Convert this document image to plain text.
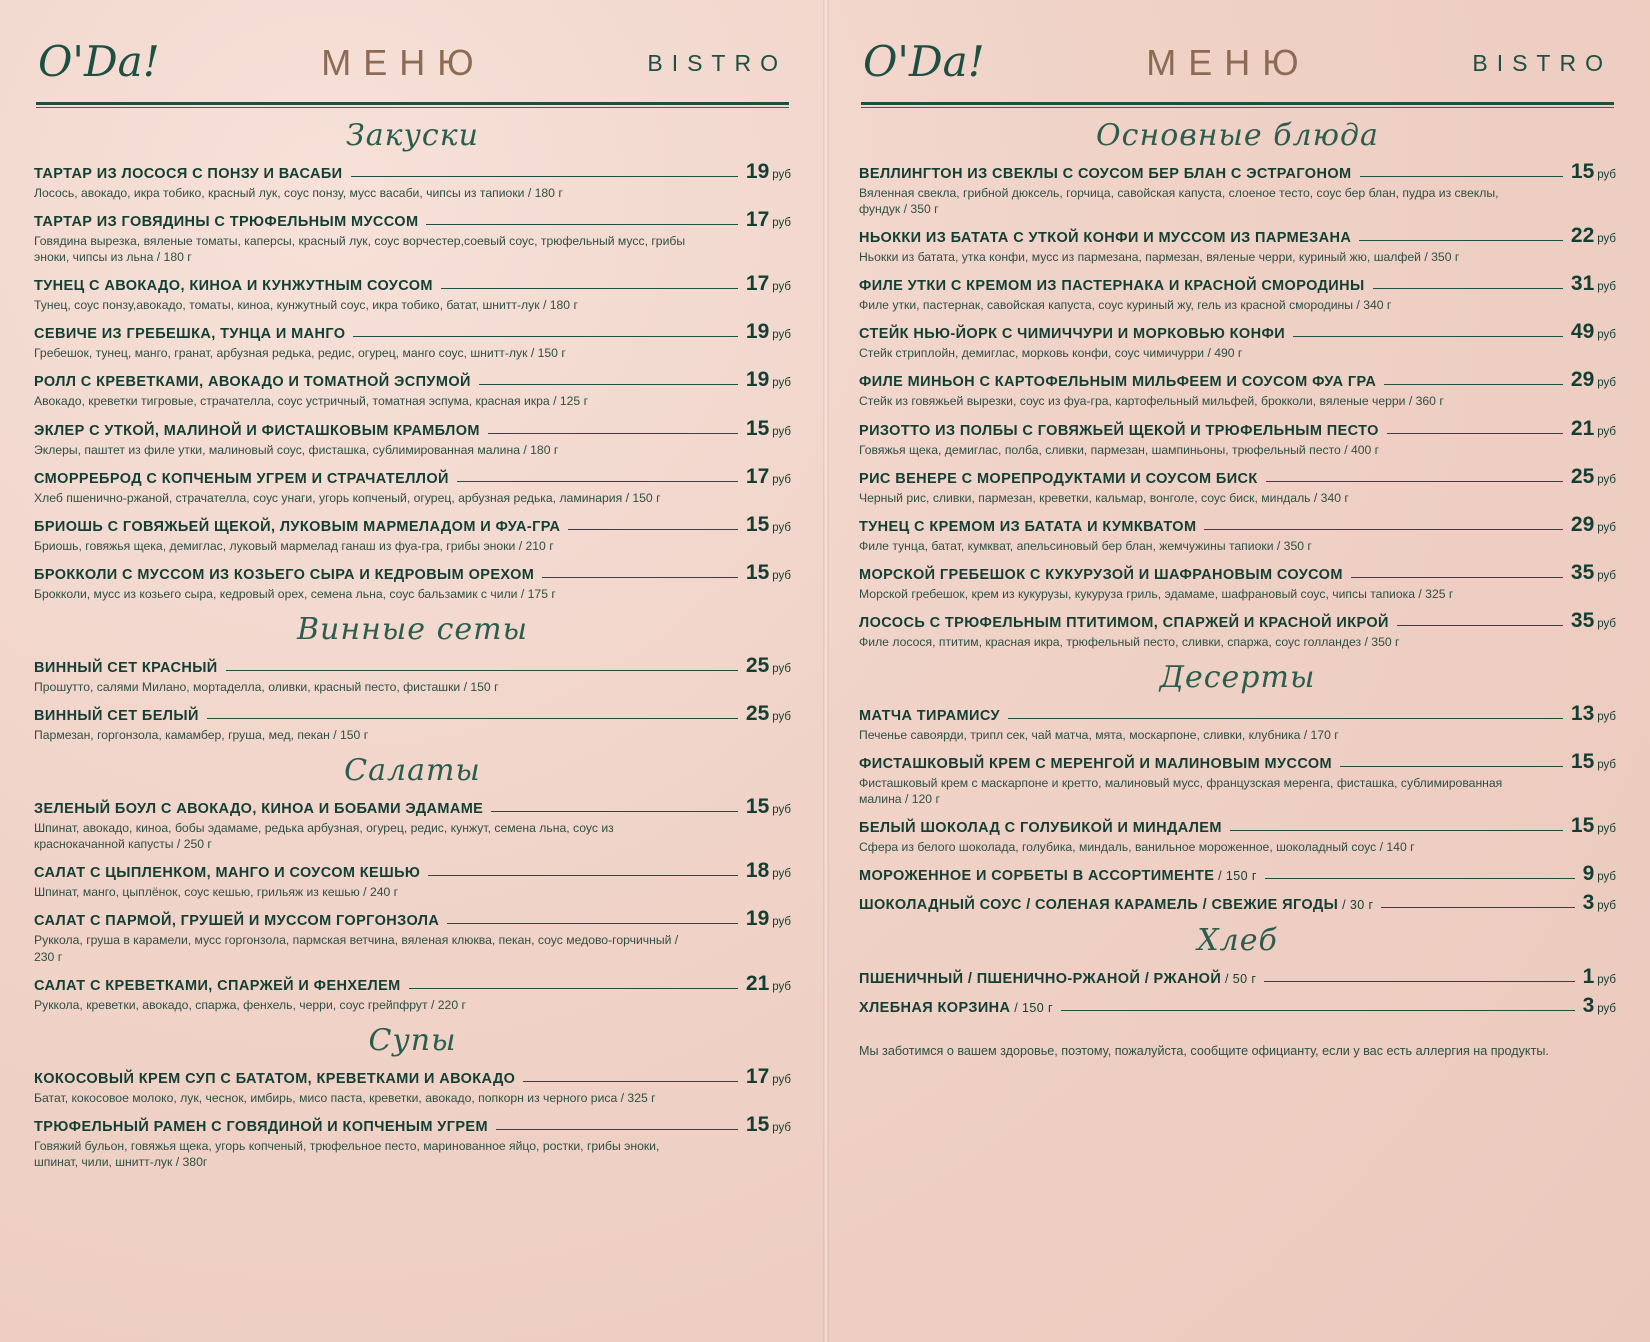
O'Da!	МЕНЮ	BISTRO
Закуски
ТАРТАР ИЗ ЛОСОСЯ С ПОНЗУ И ВАСАБИ	19 руб
Лосось, авокадо, икра тобико, красный лук, соус понзу, мусс васаби, чипсы из тапиоки / 180 г
ТАРТАР ИЗ ГОВЯДИНЫ С ТРЮФЕЛЬНЫМ МУССОМ	17 руб
Говядина вырезка, вяленые томаты, каперсы, красный лук, соус ворчестер,соевый соус, трюфельный мусс, грибы эноки, чипсы из льна / 180 г
ТУНЕЦ С АВОКАДО, КИНОА И КУНЖУТНЫМ СОУСОМ	17 руб
Тунец, соус понзу,авокадо, томаты, киноа, кунжутный соус, икра тобико, батат, шнитт-лук / 180 г
СЕВИЧЕ ИЗ ГРЕБЕШКА, ТУНЦА И МАНГО	19 руб
Гребешок, тунец, манго, гранат, арбузная редька, редис, огурец, манго соус, шнитт-лук / 150 г
РОЛЛ С КРЕВЕТКАМИ, АВОКАДО И ТОМАТНОЙ ЭСПУМОЙ	19 руб
Авокадо, креветки тигровые, страчателла, соус устричный, томатная эспума, красная икра / 125 г
ЭКЛЕР С УТКОЙ, МАЛИНОЙ И ФИСТАШКОВЫМ КРАМБЛОМ	15 руб
Эклеры, паштет из филе утки, малиновый соус, фисташка, сублимированная малина / 180 г
СМОРРЕБРОД С КОПЧЕНЫМ УГРЕМ И СТРАЧАТЕЛЛОЙ	17 руб
Хлеб пшенично-ржаной, страчателла, соус унаги, угорь копченый, огурец, арбузная редька, ламинария / 150 г
БРИОШЬ С ГОВЯЖЬЕЙ ЩЕКОЙ, ЛУКОВЫМ МАРМЕЛАДОМ И ФУА-ГРА	15 руб
Бриошь, говяжья щека, демиглас, луковый мармелад ганаш из фуа-гра, грибы эноки / 210 г
БРОККОЛИ С МУССОМ ИЗ КОЗЬЕГО СЫРА И КЕДРОВЫМ ОРЕХОМ	15 руб
Брокколи, мусс из козьего сыра, кедровый орех, семена льна, соус бальзамик с чили / 175 г
Винные сеты
ВИННЫЙ СЕТ КРАСНЫЙ	25 руб
Прошутто, салями Милано, мортаделла, оливки, красный песто, фисташки / 150 г
ВИННЫЙ СЕТ БЕЛЫЙ	25 руб
Пармезан, горгонзола, камамбер, груша, мед, пекан / 150 г
Салаты
ЗЕЛЕНЫЙ БОУЛ С АВОКАДО, КИНОА И БОБАМИ ЭДАМАМЕ	15 руб
Шпинат, авокадо, киноа, бобы эдамаме, редька арбузная, огурец, редис, кунжут, семена льна, соус из краснокачанной капусты / 250 г
САЛАТ С ЦЫПЛЕНКОМ, МАНГО И СОУСОМ КЕШЬЮ	18 руб
Шпинат, манго, цыплёнок, соус кешью, грильяж из кешью / 240 г
САЛАТ С ПАРМОЙ, ГРУШЕЙ И МУССОМ ГОРГОНЗОЛА	19 руб
Руккола, груша в карамели, мусс горгонзола, пармская ветчина, вяленая клюква, пекан, соус медово-горчичный / 230 г
САЛАТ С КРЕВЕТКАМИ, СПАРЖЕЙ И ФЕНХЕЛЕМ	21 руб
Руккола, креветки, авокадо, спаржа, фенхель, черри, соус грейпфрут / 220 г
Супы
КОКОСОВЫЙ КРЕМ СУП С БАТАТОМ, КРЕВЕТКАМИ И АВОКАДО	17 руб
Батат, кокосовое молоко, лук, чеснок, имбирь, мисо паста, креветки, авокадо, попкорн из черного риса / 325 г
ТРЮФЕЛЬНЫЙ РАМЕН С ГОВЯДИНОЙ И КОПЧЕНЫМ УГРЕМ	15 руб
Говяжий бульон, говяжья щека, угорь копченый, трюфельное песто, маринованное яйцо, ростки, грибы эноки, шпинат, чили, шнитт-лук / 380г
O'Da!	МЕНЮ	BISTRO
Основные блюда
ВЕЛЛИНГТОН ИЗ СВЕКЛЫ С СОУСОМ БЕР БЛАН С ЭСТРАГОНОМ	15 руб
Вяленная свекла, грибной дюксель, горчица, савойская капуста, слоеное тесто, соус бер блан, пудра из свеклы, фундук / 350 г
НЬОККИ ИЗ БАТАТА С УТКОЙ КОНФИ И МУССОМ ИЗ ПАРМЕЗАНА	22 руб
Ньокки из батата, утка конфи, мусс из пармезана, пармезан, вяленые черри, куриный жю, шалфей / 350 г
ФИЛЕ УТКИ С КРЕМОМ ИЗ ПАСТЕРНАКА И КРАСНОЙ СМОРОДИНЫ	31 руб
Филе утки, пастернак, савойская капуста, соус куриный жу, гель из красной смородины / 340 г
СТЕЙК НЬЮ-ЙОРК С ЧИМИЧЧУРИ И МОРКОВЬЮ КОНФИ	49 руб
Стейк стриплойн, демиглас, морковь конфи, соус чимичурри / 490 г
ФИЛЕ МИНЬОН С КАРТОФЕЛЬНЫМ МИЛЬФЕЕМ И СОУСОМ ФУА ГРА	29 руб
Стейк из говяжьей вырезки, соус из фуа-гра, картофельный мильфей, брокколи, вяленые черри / 360 г
РИЗОТТО ИЗ ПОЛБЫ С ГОВЯЖЬЕЙ ЩЕКОЙ И ТРЮФЕЛЬНЫМ ПЕСТО	21 руб
Говяжья щека, демиглас, полба, сливки, пармезан, шампиньоны, трюфельный песто / 400 г
РИС ВЕНЕРЕ С МОРЕПРОДУКТАМИ И СОУСОМ БИСК	25 руб
Черный рис, сливки, пармезан, креветки, кальмар, вонголе, соус биск, миндаль / 340 г
ТУНЕЦ С КРЕМОМ ИЗ БАТАТА И КУМКВАТОМ	29 руб
Филе тунца, батат, кумкват, апельсиновый бер блан, жемчужины тапиоки / 350 г
МОРСКОЙ ГРЕБЕШОК С КУКУРУЗОЙ И ШАФРАНОВЫМ СОУСОМ	35 руб
Морской гребешок, крем из кукурузы, кукуруза гриль, эдамаме, шафрановый соус, чипсы тапиока / 325 г
ЛОСОСЬ С ТРЮФЕЛЬНЫМ ПТИТИМОМ, СПАРЖЕЙ И КРАСНОЙ ИКРОЙ	35 руб
Филе лосося, птитим, красная икра, трюфельный песто, сливки, спаржа, соус голландез / 350 г
Десерты
МАТЧА ТИРАМИСУ	13 руб
Печенье савоярди, трипл сек, чай матча, мята, москарпоне, сливки, клубника / 170 г
ФИСТАШКОВЫЙ КРЕМ С МЕРЕНГОЙ И МАЛИНОВЫМ МУССОМ	15 руб
Фисташковый крем с маскарпоне и кретто, малиновый мусс, французская меренга, фисташка, сублимированная малина / 120 г
БЕЛЫЙ ШОКОЛАД С ГОЛУБИКОЙ И МИНДАЛЕМ	15 руб
Сфера из белого шоколада, голубика, миндаль, ванильное мороженное, шоколадный соус / 140 г
МОРОЖЕННОЕ И СОРБЕТЫ В АССОРТИМЕНТЕ / 150 г	9 руб
ШОКОЛАДНЫЙ СОУС / СОЛЕНАЯ КАРАМЕЛЬ / СВЕЖИЕ ЯГОДЫ / 30 г	3 руб
Хлеб
ПШЕНИЧНЫЙ / ПШЕНИЧНО-РЖАНОЙ / РЖАНОЙ / 50 г	1 руб
ХЛЕБНАЯ КОРЗИНА / 150 г	3 руб
Мы заботимся о вашем здоровье, поэтому, пожалуйста, сообщите официанту, если у вас есть аллергия на продукты.
